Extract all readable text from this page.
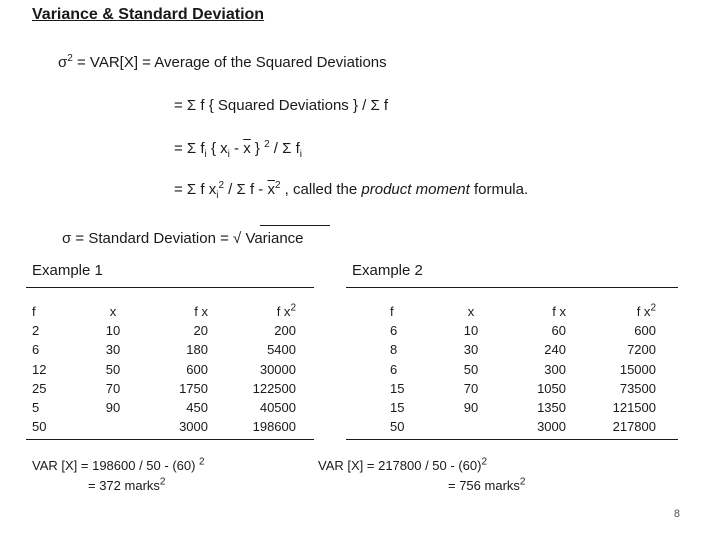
Variance & Standard Deviation
$\sigma^2 = VAR[X]$ = Average of the Squared Deviations
= Σ f { Squared Deviations } / Σ f
= Σ $f_i$ { $x_i - \overline{x}$ } $^2$ / Σ $f_i$
= Σ f $x_i^2$ / Σ f - $\overline{x}^2$ , called the product moment formula.
σ = Standard Deviation = √ Variance
Example 1	Example 2
f
2
6
12
25
5
50
x
10
30
50
70
90
f x
20
180
600
1750
450
3000
f $x^2$
200
5400
30000
122500
40500
198600
f
6
8
6
15
15
50
x
10
30
50
70
90
f x
60
240
300
1050
1350
3000
f $x^2$
600
7200
15000
73500
121500
217800
VAR [X] = 198600 / 50 - (60) $^2$
= 372 marks$^2$
VAR $[X] = 217800 / 50 - (60)^2$
= 756 marks$^2$
8
